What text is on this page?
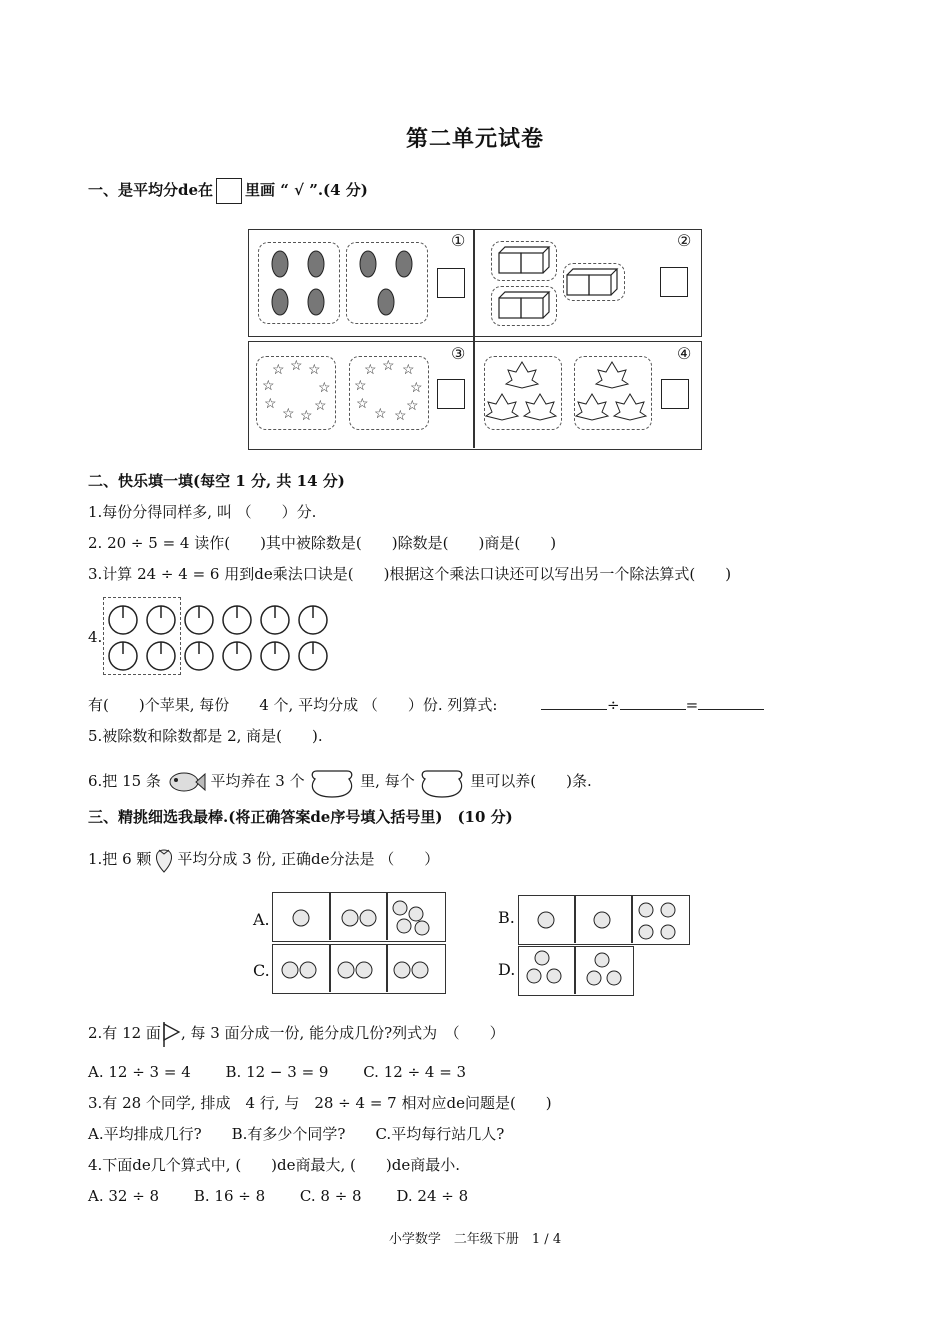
第二单元试卷
一、是平均分de在 里画 “ √ ”.(4 分)
①	②
☆ ☆ ☆
☆	☆
☆	☆
☆ ☆
☆ ☆ ☆
☆	☆
☆	☆
☆ ☆
③	④
二、快乐填一填(每空 1 分, 共 14 分)
1.每份分得同样多, 叫 （　　）分.
2. 20 ÷ 5 = 4 读作(　　)其中被除数是(　　)除数是(　　)商是(　　)
3.计算 24 ÷ 4 = 6 用到de乘法口诀是(　　)根据这个乘法口诀还可以写出另一个除法算式(　　)
4.
有(　　)个苹果, 每份　　4 个, 平均分成 （　　）份. 列算式:	÷	=
5.被除数和除数都是 2, 商是(　　).
6.把 15 条	平均养在 3 个	里, 每个	里可以养(　　)条.
三、精挑细选我最棒.(将正确答案de序号填入括号里)　(10 分)
1.把 6 颗 平均分成 3 份, 正确de分法是 （　　）
A.
C.
B.
D.
2.有 12 面 , 每 3 面分成一份, 能分成几份?列式为　（　　）
A. 12 ÷ 3 = 4　　 B. 12 − 3 = 9　　 C. 12 ÷ 4 = 3
3.有 28 个同学, 排成　4 行, 与　28 ÷ 4 = 7 相对应de问题是(　　)
A.平均排成几行?　　B.有多少个同学?　　C.平均每行站几人?
4.下面de几个算式中, (　　)de商最大, (　　)de商最小.
A. 32 ÷ 8　　 B. 16 ÷ 8　　 C. 8 ÷ 8　　 D. 24 ÷ 8
小学数学　二年级下册　1 / 4
